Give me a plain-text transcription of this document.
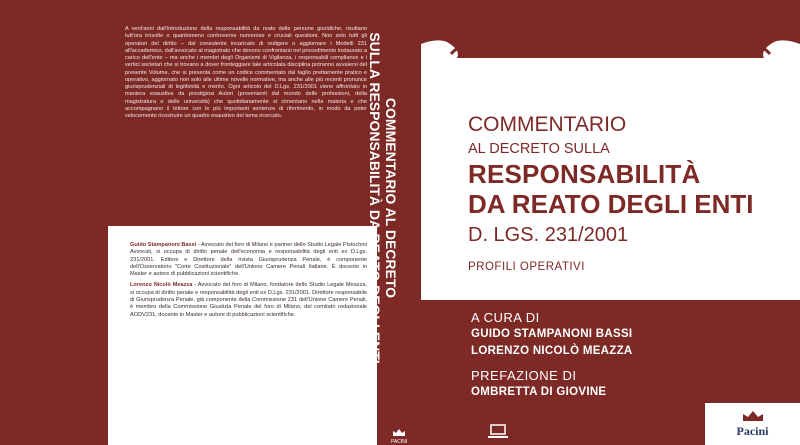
A vent'anni dall'introduzione della responsabilità da reato delle persone giuridiche, risultano tutt'ora irrisolte o quantomeno controverse numerose e cruciali questioni. Non solo tutti gli operatori del diritto – dal consulente incaricato di redigere o aggiornare i Modelli 231 all'accademico, dall'avvocato al magistrato che devono confrontarsi nel procedimento instaurato a carico dell'ente – ma anche i membri degli Organismi di Vigilanza, i responsabili compliance e i vertici societari che si trovano a dover fronteggiare tale articolata disciplina potranno avvalersi del presente Volume, che si presenta come un codice commentato dal taglio prettamente pratico e operativo, aggiornato non solo alle ultime novelle normative, ma anche alle più recenti pronunce giurisprudenziali di legittimità e merito. Ogni articolo del D.Lgs. 231/2001 viene affrontato in maniera esaustiva da prestigiosi Autori (provenienti dal mondo delle professioni, della magistratura e delle università) che quotidianamente si cimentano nella materia e che accompagnano il lettore con le più importanti sentenze di riferimento, in modo da poter velocemente ricostruire un quadro esaustivo del tema ricercato.

Guido Stampanoni Bassi - Avvocato del foro di Milano e partner dello Studio Legale Pistochini Avvocati, si occupa di diritto penale dell'economia e responsabilità degli enti ex D.Lgs. 231/2001. Editore e Direttore della rivista Giurisprudenza Penale, è componente dell'Osservatorio "Corte Costituzionale" dell'Unione Camere Penali Italiane. È docente in Master e autore di pubblicazioni scientifiche.

Lorenzo Nicolò Meazza - Avvocato del foro di Milano, fondatore dello Studio Legale Meazza, si occupa di diritto penale e responsabilità degli enti ex D.Lgs. 231/2001. Direttore responsabile di Giurisprudenza Penale, già componente della Commissione 231 dell'Unione Camere Penali, è membro della Commissione Giustizia Penale del foro di Milano, del comitato redazionale AODV231, docente in Master e autore di pubblicazioni scientifiche.

COMMENTARIO AL DECRETO
SULLA RESPONSABILITÀ DA REATO DEGLI ENTI
PACINI
/ COMMENTARI
di giurisprudenza e dottrina
COMMENTARIO
AL DECRETO SULLA
RESPONSABILITÀ
DA REATO DEGLI ENTI
D. LGS. 231/2001
PROFILI OPERATIVI
A CURA DI
GUIDO STAMPANONI BASSI
LORENZO NICOLÒ MEAZZA
PREFAZIONE DI
OMBRETTA DI GIOVINE
Pacini
